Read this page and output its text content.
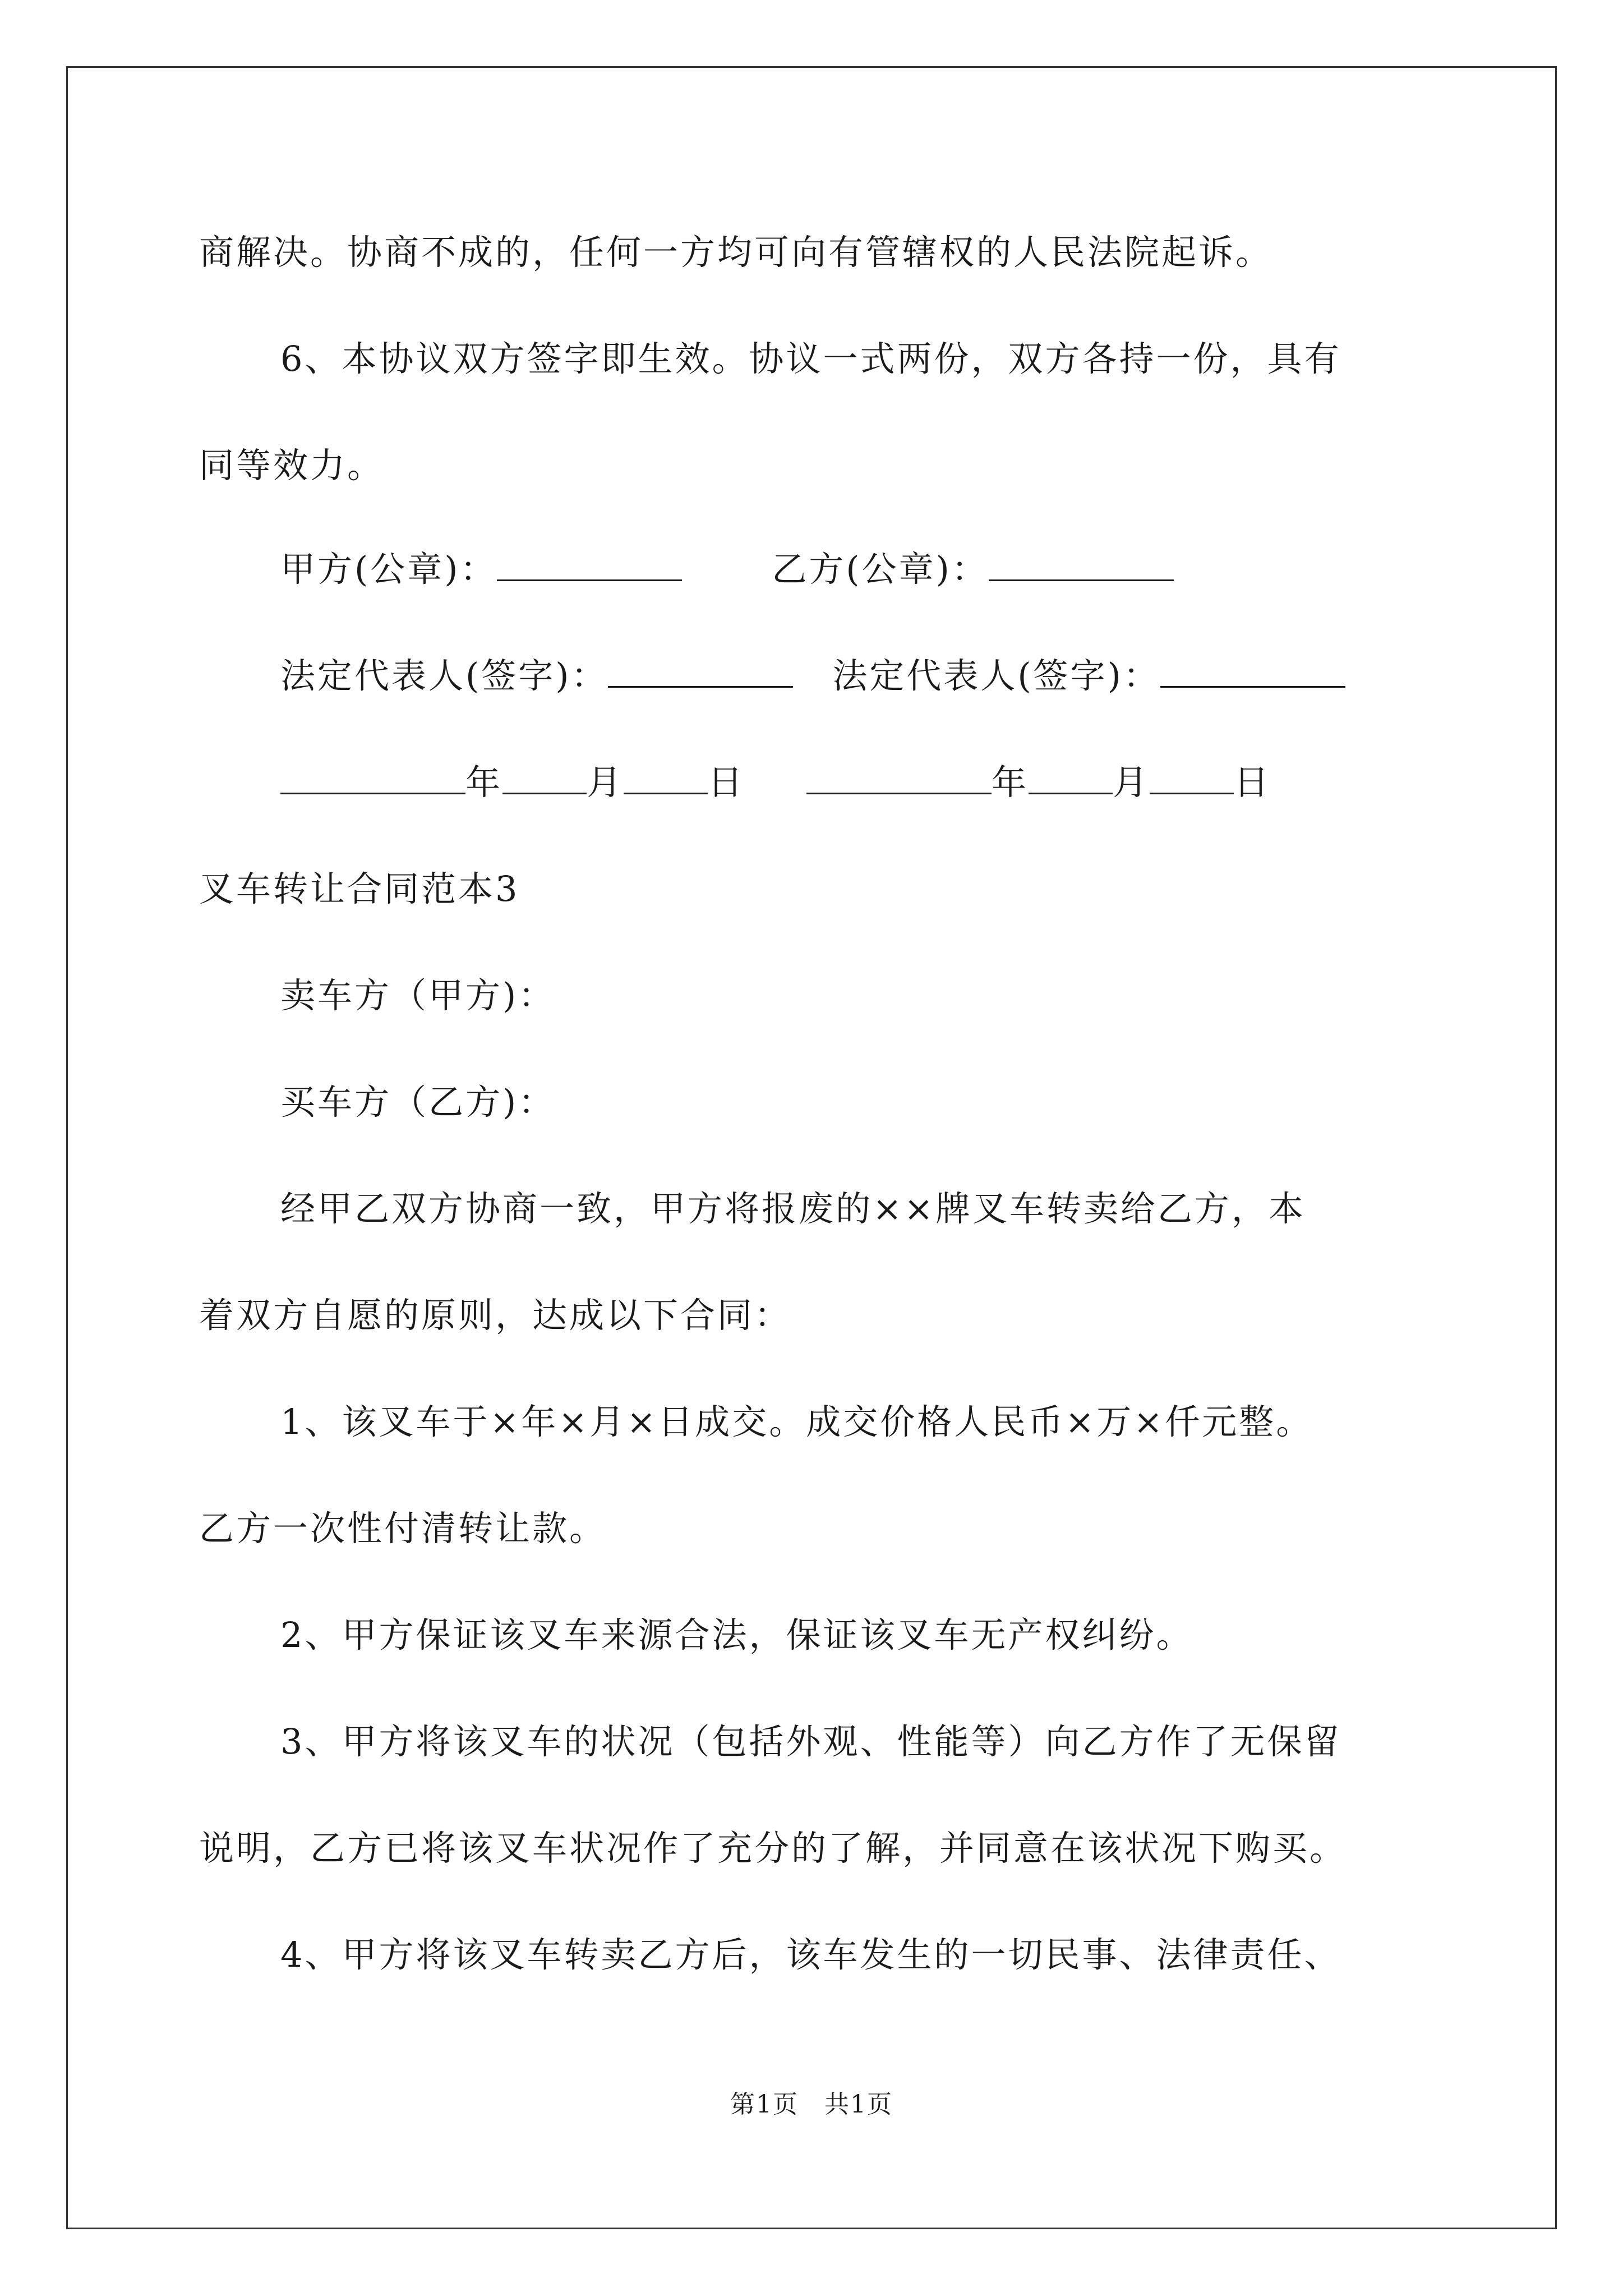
商解决。协商不成的，任何一方均可向有管辖权的人民法院起诉。
6、本协议双方签字即生效。协议一式两份，双方各持一份，具有
同等效力。
甲方(公章)：	乙方(公章)：
法定代表人(签字)：	法定代表人(签字)：
年 月 日	年 月 日
叉车转让合同范本3
卖车方（甲方)：
买车方（乙方)：
经甲乙双方协商一致，甲方将报废的××牌叉车转卖给乙方，本
着双方自愿的原则，达成以下合同：
1、该叉车于×年×月×日成交。成交价格人民币×万×仟元整。
乙方一次性付清转让款。
2、甲方保证该叉车来源合法，保证该叉车无产权纠纷。
3、甲方将该叉车的状况（包括外观、性能等）向乙方作了无保留
说明，乙方已将该叉车状况作了充分的了解，并同意在该状况下购买。
4、甲方将该叉车转卖乙方后，该车发生的一切民事、法律责任、
第1页　共1页
